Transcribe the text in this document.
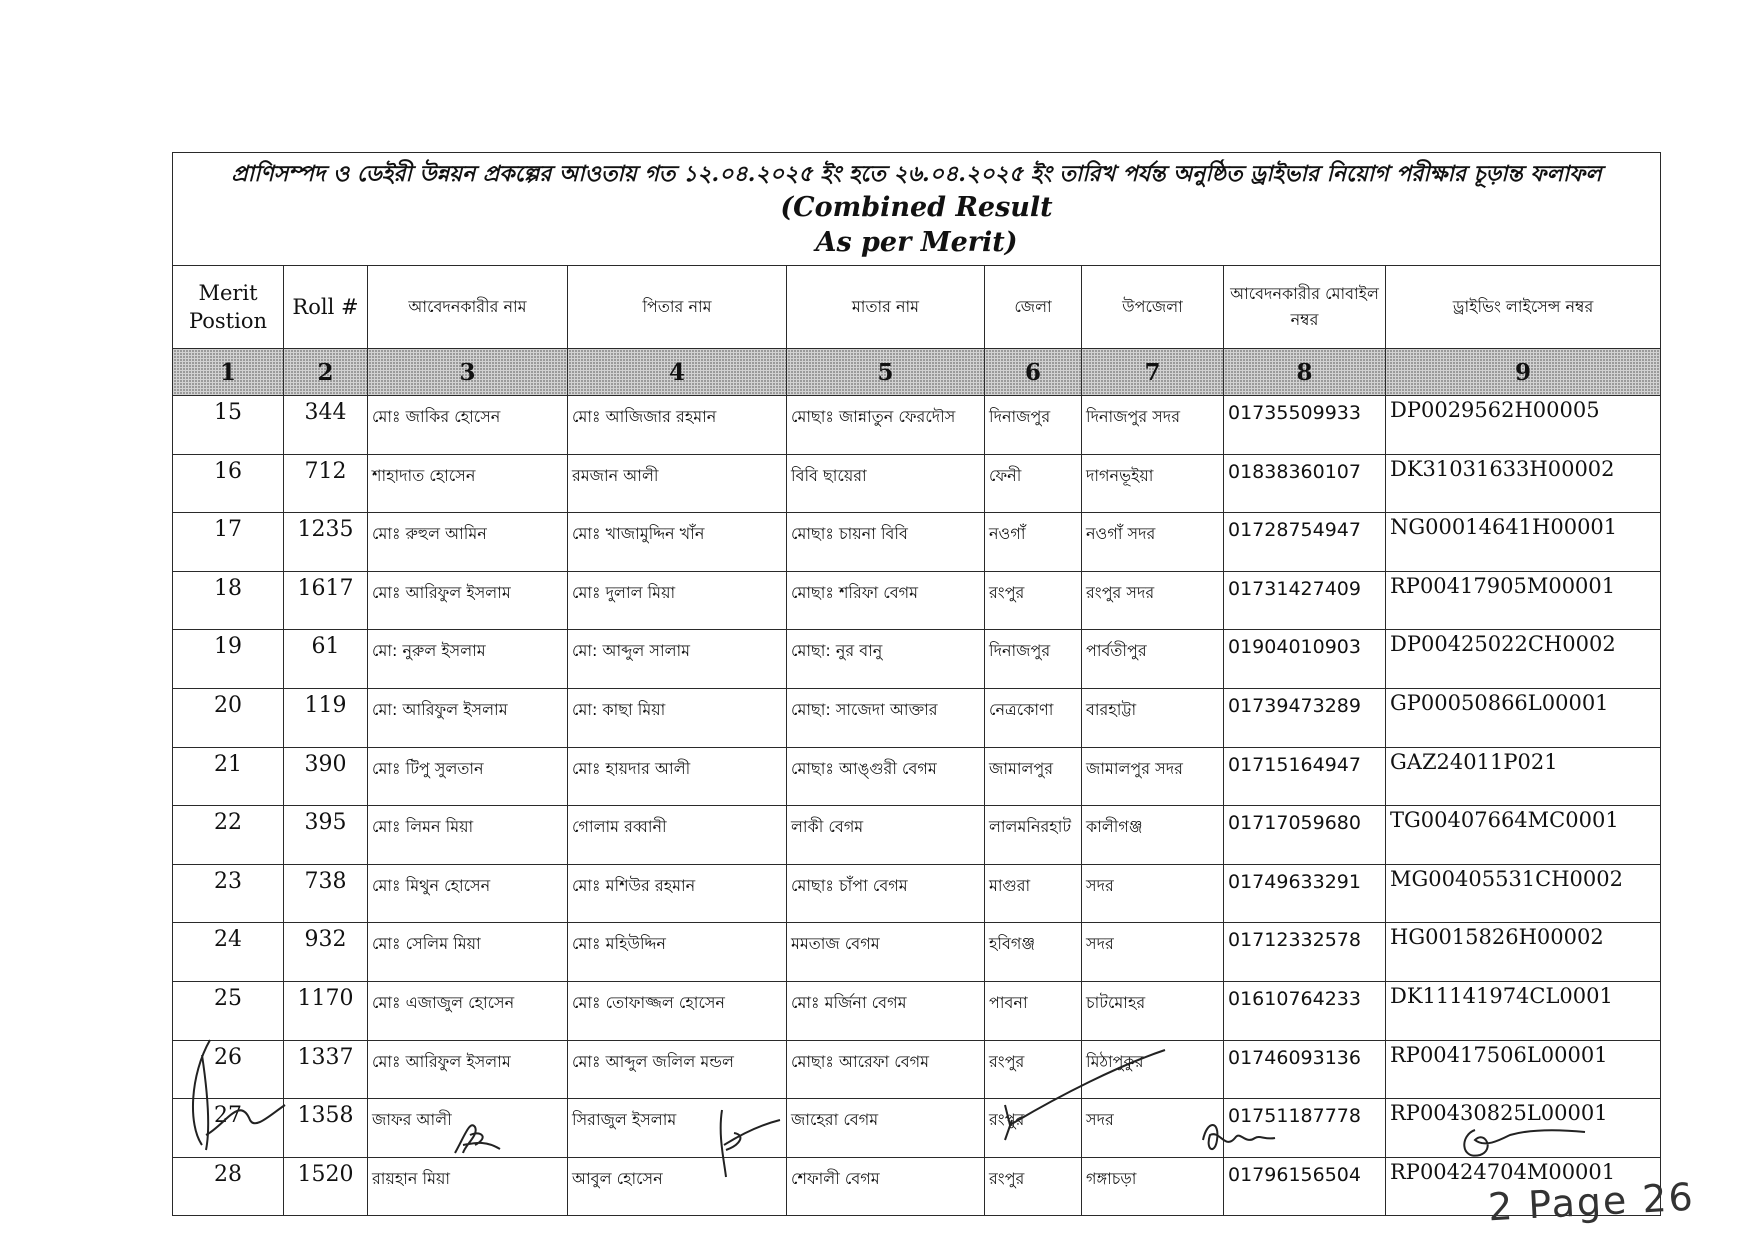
প্রাণিসম্পদ ও ডেইরী উন্নয়ন প্রকল্পের আওতায় গত ১২.০৪.২০২৫ ইং হতে ২৬.০৪.২০২৫ ইং তারিখ পর্যন্ত অনুষ্ঠিত ড্রাইভার নিয়োগ পরীক্ষার চূড়ান্ত ফলাফল (Combined Result
As per Merit)								
Merit Postion	Roll #	আবেদনকারীর নাম	পিতার নাম	মাতার নাম	জেলা	উপজেলা	আবেদনকারীর মোবাইল নম্বর	ড্রাইভিং লাইসেন্স নম্বর
1	2	3	4	5	6	7	8	9
15	344	মোঃ জাকির হোসেন	মোঃ আজিজার রহমান	মোছাঃ জান্নাতুন ফেরদৌস	দিনাজপুর	দিনাজপুর সদর	01735509933	DP0029562H00005
16	712	শাহাদাত হোসেন	রমজান আলী	বিবি ছায়েরা	ফেনী	দাগনভূইয়া	01838360107	DK31031633H00002
17	1235	মোঃ রুহুল আমিন	মোঃ খাজামুদ্দিন খাঁন	মোছাঃ চায়না বিবি	নওগাঁ	নওগাঁ সদর	01728754947	NG00014641H00001
18	1617	মোঃ আরিফুল ইসলাম	মোঃ দুলাল মিয়া	মোছাঃ শরিফা বেগম	রংপুর	রংপুর সদর	01731427409	RP00417905M00001
19	61	মো: নুরুল ইসলাম	মো: আব্দুল সালাম	মোছা: নুর বানু	দিনাজপুর	পার্বতীপুর	01904010903	DP00425022CH0002
20	119	মো: আরিফুল ইসলাম	মো: কাছা মিয়া	মোছা: সাজেদা আক্তার	নেত্রকোণা	বারহাট্টা	01739473289	GP00050866L00001
21	390	মোঃ টিপু সুলতান	মোঃ হায়দার আলী	মোছাঃ আঙ্গুরী বেগম	জামালপুর	জামালপুর সদর	01715164947	GAZ24011P021
22	395	মোঃ লিমন মিয়া	গোলাম রব্বানী	লাকী বেগম	লালমনিরহাট	কালীগঞ্জ	01717059680	TG00407664MC0001
23	738	মোঃ মিথুন হোসেন	মোঃ মশিউর রহমান	মোছাঃ চাঁপা বেগম	মাগুরা	সদর	01749633291	MG00405531CH0002
24	932	মোঃ সেলিম মিয়া	মোঃ মহিউদ্দিন	মমতাজ বেগম	হবিগঞ্জ	সদর	01712332578	HG0015826H00002
25	1170	মোঃ এজাজুল হোসেন	মোঃ তোফাজ্জল হোসেন	মোঃ মর্জিনা বেগম	পাবনা	চাটমোহর	01610764233	DK11141974CL0001
26	1337	মোঃ আরিফুল ইসলাম	মোঃ আব্দুল জলিল মন্ডল	মোছাঃ আরেফা বেগম	রংপুর	মিঠাপুকুর	01746093136	RP00417506L00001
27	1358	জাফর আলী	সিরাজুল ইসলাম	জাহেরা বেগম	রংপুর	সদর	01751187778	RP00430825L00001
28	1520	রায়হান মিয়া	আবুল হোসেন	শেফালী বেগম	রংপুর	গঙ্গাচড়া	01796156504	RP00424704M00001
2 Page 26
